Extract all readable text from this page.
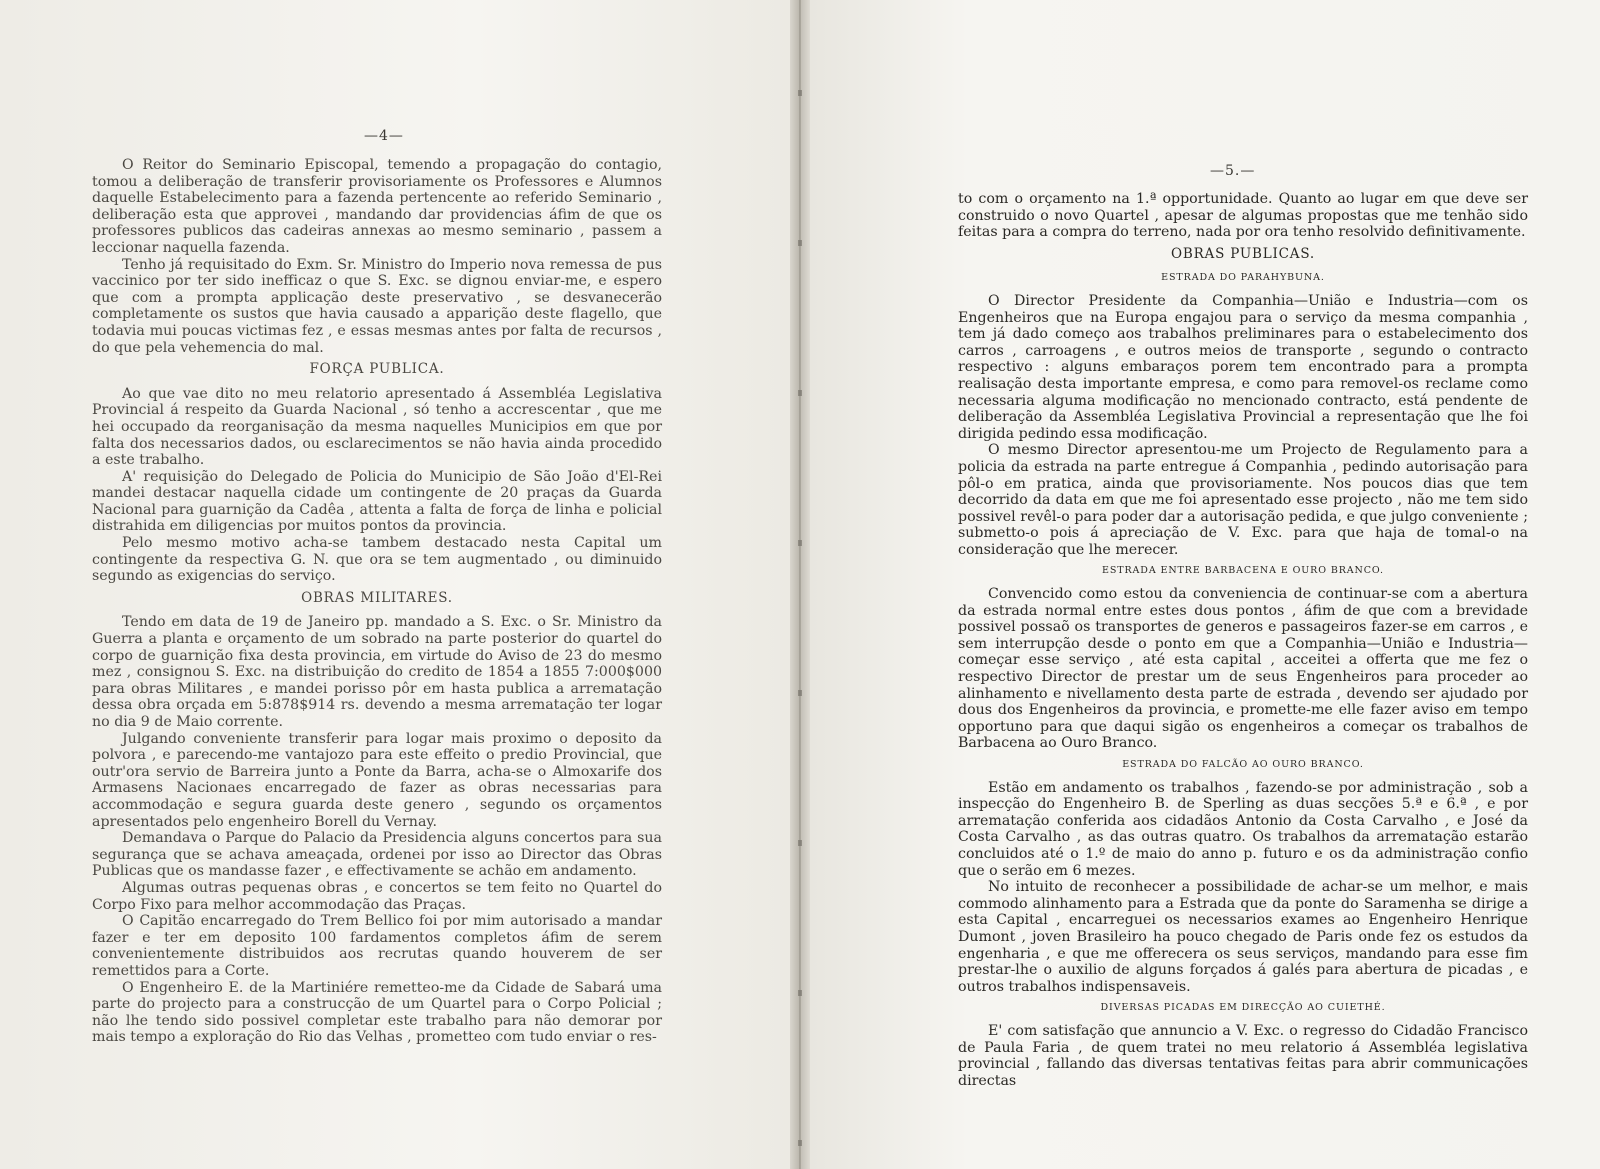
—4—

O Reitor do Seminario Episcopal, temendo a propagação do contagio, tomou a deliberação de transferir provisoriamente os Professores e Alumnos daquelle Estabelecimento para a fazenda pertencente ao referido Seminario , deliberação esta que approvei , mandando dar providencias áfim de que os professores publicos das cadeiras annexas ao mesmo seminario , passem a leccionar naquella fazenda.

Tenho já requisitado do Exm. Sr. Ministro do Imperio nova remessa de pus vaccinico por ter sido inefficaz o que S. Exc. se dignou enviar-me, e espero que com a prompta applicação deste preservativo , se desvanecerão completamente os sustos que havia causado a apparição deste flagello, que todavia mui poucas victimas fez , e essas mesmas antes por falta de recursos , do que pela vehemencia do mal.

FORÇA PUBLICA.

Ao que vae dito no meu relatorio apresentado á Assembléa Legislativa Provincial á respeito da Guarda Nacional , só tenho a accrescentar , que me hei occupado da reorganisação da mesma naquelles Municipios em que por falta dos necessarios dados, ou esclarecimentos se não havia ainda procedido a este trabalho.

A' requisição do Delegado de Policia do Municipio de São João d'El-Rei mandei destacar naquella cidade um contingente de 20 praças da Guarda Nacional para guarnição da Cadêa , attenta a falta de força de linha e policial distrahida em diligencias por muitos pontos da provincia.

Pelo mesmo motivo acha-se tambem destacado nesta Capital um contingente da respectiva G. N. que ora se tem augmentado , ou diminuido segundo as exigencias do serviço.

OBRAS MILITARES.

Tendo em data de 19 de Janeiro pp. mandado a S. Exc. o Sr. Ministro da Guerra a planta e orçamento de um sobrado na parte posterior do quartel do corpo de guarnição fixa desta provincia, em virtude do Aviso de 23 do mesmo mez , consignou S. Exc. na distribuição do credito de 1854 a 1855 7:000$000 para obras Militares , e mandei porisso pôr em hasta publica a arrematação dessa obra orçada em 5:878$914 rs. devendo a mesma arrematação ter logar no dia 9 de Maio corrente.

Julgando conveniente transferir para logar mais proximo o deposito da polvora , e parecendo-me vantajozo para este effeito o predio Provincial, que outr'ora servio de Barreira junto a Ponte da Barra, acha-se o Almoxarife dos Armasens Nacionaes encarregado de fazer as obras necessarias para accommodação e segura guarda deste genero , segundo os orçamentos apresentados pelo engenheiro Borell du Vernay.

Demandava o Parque do Palacio da Presidencia alguns concertos para sua segurança que se achava ameaçada, ordenei por isso ao Director das Obras Publicas que os mandasse fazer , e effectivamente se achão em andamento.

Algumas outras pequenas obras , e concertos se tem feito no Quartel do Corpo Fixo para melhor accommodação das Praças.

O Capitão encarregado do Trem Bellico foi por mim autorisado a mandar fazer e ter em deposito 100 fardamentos completos áfim de serem convenientemente distribuidos aos recrutas quando houverem de ser remettidos para a Corte.

O Engenheiro E. de la Martiniére remetteo-me da Cidade de Sabará uma parte do projecto para a construcção de um Quartel para o Corpo Policial ; não lhe tendo sido possivel completar este trabalho para não demorar por mais tempo a exploração do Rio das Velhas , prometteo com tudo enviar o res-

—5.—

to com o orçamento na 1.ª opportunidade. Quanto ao lugar em que deve ser construido o novo Quartel , apesar de algumas propostas que me tenhão sido feitas para a compra do terreno, nada por ora tenho resolvido definitivamente.

OBRAS PUBLICAS.
ESTRADA DO PARAHYBUNA.

O Director Presidente da Companhia—União e Industria—com os Engenheiros que na Europa engajou para o serviço da mesma companhia , tem já dado começo aos trabalhos preliminares para o estabelecimento dos carros , carroagens , e outros meios de transporte , segundo o contracto respectivo : alguns embaraços porem tem encontrado para a prompta realisação desta importante empresa, e como para removel-os reclame como necessaria alguma modificação no mencionado contracto, está pendente de deliberação da Assembléa Legislativa Provincial a representação que lhe foi dirigida pedindo essa modificação.

O mesmo Director apresentou-me um Projecto de Regulamento para a policia da estrada na parte entregue á Companhia , pedindo autorisação para pôl-o em pratica, ainda que provisoriamente. Nos poucos dias que tem decorrido da data em que me foi apresentado esse projecto , não me tem sido possivel revêl-o para poder dar a autorisação pedida, e que julgo conveniente ; submetto-o pois á apreciação de V. Exc. para que haja de tomal-o na consideração que lhe merecer.

ESTRADA ENTRE BARBACENA E OURO BRANCO.

Convencido como estou da conveniencia de continuar-se com a abertura da estrada normal entre estes dous pontos , áfim de que com a brevidade possivel possaõ os transportes de generos e passageiros fazer-se em carros , e sem interrupção desde o ponto em que a Companhia—União e Industria—começar esse serviço , até esta capital , acceitei a offerta que me fez o respectivo Director de prestar um de seus Engenheiros para proceder ao alinhamento e nivellamento desta parte de estrada , devendo ser ajudado por dous dos Engenheiros da provincia, e promette-me elle fazer aviso em tempo opportuno para que daqui sigão os engenheiros a começar os trabalhos de Barbacena ao Ouro Branco.

ESTRADA DO FALCÃO AO OURO BRANCO.

Estão em andamento os trabalhos , fazendo-se por administração , sob a inspecção do Engenheiro B. de Sperling as duas secções 5.ª e 6.ª , e por arrematação conferida aos cidadãos Antonio da Costa Carvalho , e José da Costa Carvalho , as das outras quatro. Os trabalhos da arrematação estarão concluidos até o 1.º de maio do anno p. futuro e os da administração confio que o serão em 6 mezes.

No intuito de reconhecer a possibilidade de achar-se um melhor, e mais commodo alinhamento para a Estrada que da ponte do Saramenha se dirige a esta Capital , encarreguei os necessarios exames ao Engenheiro Henrique Dumont , joven Brasileiro ha pouco chegado de Paris onde fez os estudos da engenharia , e que me offerecera os seus serviços, mandando para esse fim prestar-lhe o auxilio de alguns forçados á galés para abertura de picadas , e outros trabalhos indispensaveis.

DIVERSAS PICADAS EM DIRECÇÃO AO CUIETHÉ.

E' com satisfação que annuncio a V. Exc. o regresso do Cidadão Francisco de Paula Faria , de quem tratei no meu relatorio á Assembléa legislativa provincial , fallando das diversas tentativas feitas para abrir communicações directas
